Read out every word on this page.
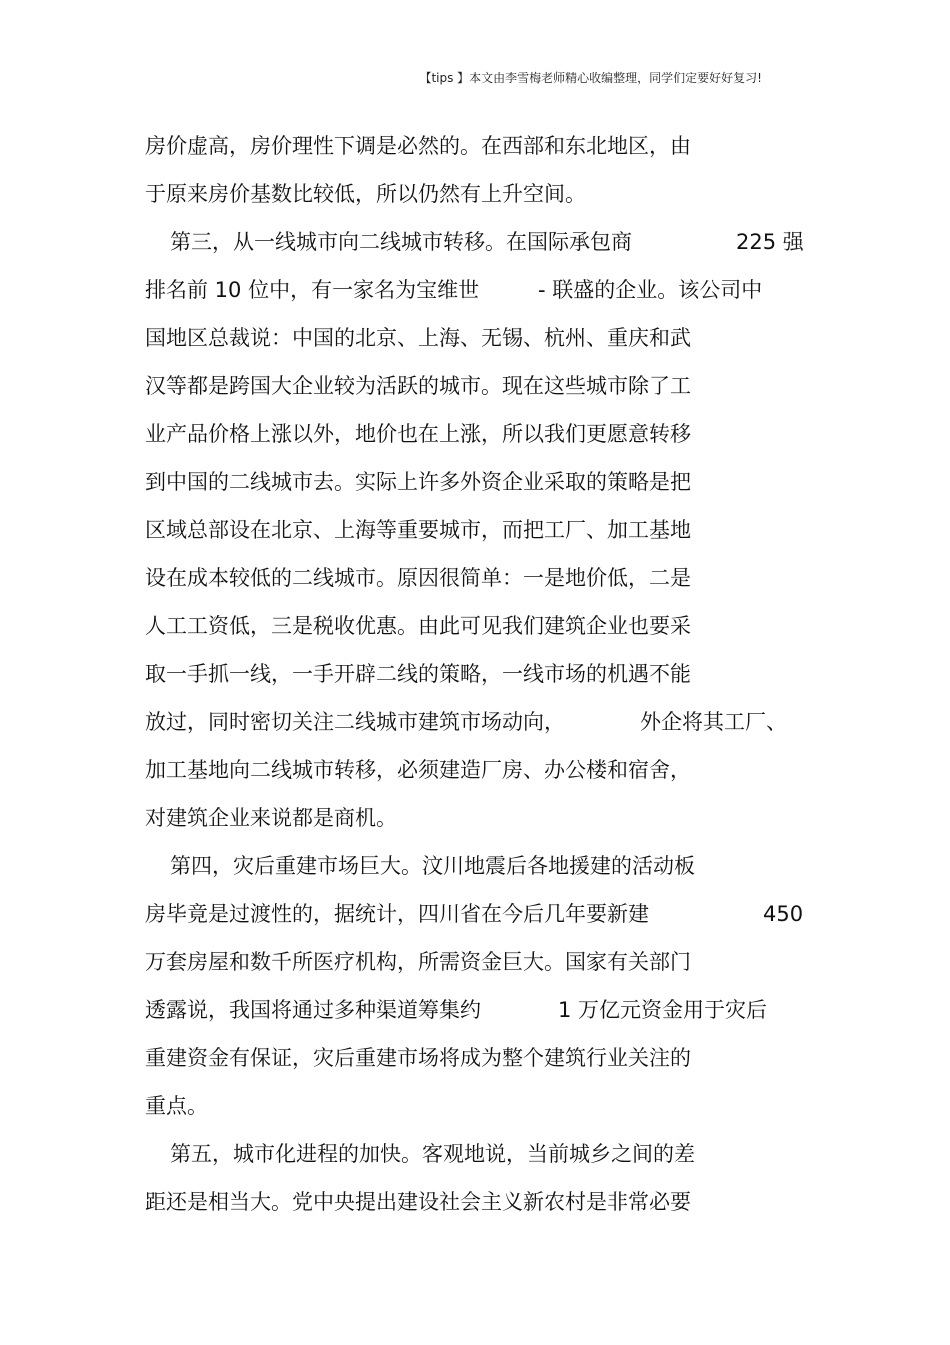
【tips 】本文由李雪梅老师精心收编整理，同学们定要好好复习!
房价虚高，房价理性下调是必然的。在西部和东北地区，由
于原来房价基数比较低，所以仍然有上升空间。
第三，从一线城市向二线城市转移。在国际承包商	225 强
排名前 10 位中，有一家名为宝维世	- 联盛的企业。该公司中
国地区总裁说：中国的北京、上海、无锡、杭州、重庆和武
汉等都是跨国大企业较为活跃的城市。现在这些城市除了工
业产品价格上涨以外，地价也在上涨，所以我们更愿意转移
到中国的二线城市去。实际上许多外资企业采取的策略是把
区域总部设在北京、上海等重要城市，而把工厂、加工基地
设在成本较低的二线城市。原因很简单：一是地价低，二是
人工工资低，三是税收优惠。由此可见我们建筑企业也要采
取一手抓一线，一手开辟二线的策略，一线市场的机遇不能
放过，同时密切关注二线城市建筑市场动向，	外企将其工厂、
加工基地向二线城市转移，必须建造厂房、办公楼和宿舍，
对建筑企业来说都是商机。
第四，灾后重建市场巨大。汶川地震后各地援建的活动板
房毕竟是过渡性的，据统计，四川省在今后几年要新建	450
万套房屋和数千所医疗机构，所需资金巨大。国家有关部门
透露说，我国将通过多种渠道筹集约	1 万亿元资金用于灾后
重建资金有保证，灾后重建市场将成为整个建筑行业关注的
重点。
第五，城市化进程的加快。客观地说，当前城乡之间的差
距还是相当大。党中央提出建设社会主义新农村是非常必要
